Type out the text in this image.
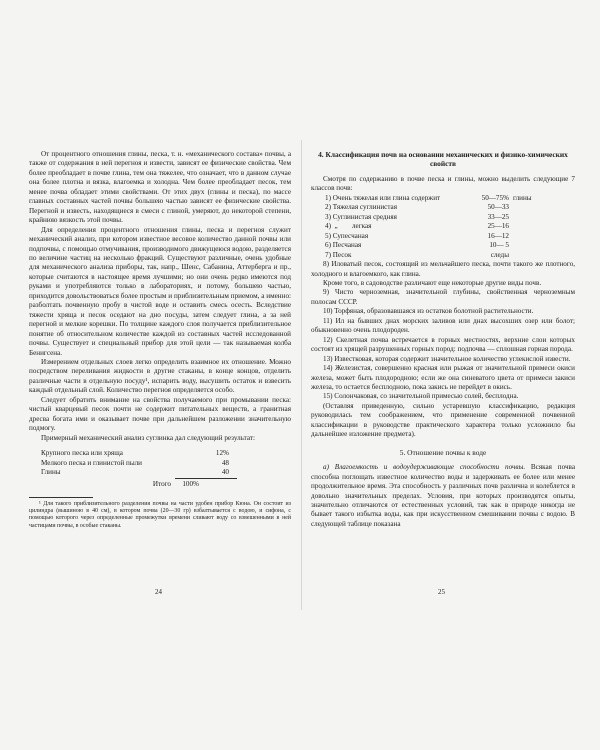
От процентного отношения глины, песка, т. н. «механического состава» почвы, а также от содержания в ней перегноя и извести, зависят ее физические свойства. Чем более преобладает в почве глина, тем она тяжелее, что означает, что в данном случае она более плотна и вязка, влагоемка и холодна. Чем более преобладает песок, тем менее почва обладает этими свойствами. От этих двух (глины и песка), по массе главных составных частей почвы большею частью зависят ее физические свойства. Перегной и известь, находящиеся в смеси с глиной, умеряют, до некоторой степени, крайнюю вязкость этой почвы.

Для определения процентного отношения глины, песка и перегноя служит механический анализ, при котором известное весовое количество данной почвы или подпочвы, с помощью отмучивания, производимого движущеюся водою, разделяется по величине частиц на несколько фракций. Существуют различные, очень удобные для механического анализа приборы, так, напр., Шенс, Сабанина, Аттерберга и пр., которые считаются в настоящее время лучшими; но они очень редко имеются под руками и употребляются только в лабораториях, и потому, большею частью, приходится довольствоваться более простым и приблизительным приемом, а именно: разболтать почвенную пробу в чистой воде и оставить смесь осесть. Вследствие тяжести хряща и песок оседают на дно посуды, затем следует глина, а за ней перегной и мелкие корешки. По толщине каждого слоя получается приблизительное понятие об относительном количестве каждой из составных частей исследованной почвы. Существует и специальный прибор для этой цели — так называемая колба Бенигсена.

Измерением отдельных слоев легко определить взаимное их отношение. Можно посредством переливания жидкости в другие стаканы, в конце концов, отделить различные части в отдельную посуду¹, испарить воду, высушить остаток и взвесить каждый отдельный слой. Количество перегноя определяется особо.

Следует обратить внимание на свойства получаемого при промывании песка: чистый кварцевый песок почти не содержит питательных веществ, а гранитная дресва богата ими и оказывает почве при дальнейшем разложении значительную подмогу.

Примерный механический анализ суглинка дал следующий результат:

Крупного песка или хряща	12%
Мелкого песка и глинистой пыли	48
Глины	40
Итого	100%

¹ Для такого приблизительного разделения почвы на части удобен прибор Кюна. Он состоит из цилиндра (вышиною в 40 см), в котором почва (20—30 гр) взбалтывается с водою, и сифона, с помощью которого через определенные промежутки времени сливают воду со взвешенными в ней частицами почвы, в особые стаканы.

24
4. Классификация почв на основании механических и физико-химических свойств

Смотря по содержанию в почве песка и глины, можно выделить следующие 7 классов почв:

1) Очень тяжелая или глина содержит	50—75% глины
2) Тяжелая суглинистая	50—33
3) Суглинистая средняя	33—25
4)  „        легкая	25—16
5) Супесчаная	16—12
6) Песчаная	10— 5
7) Песок	следы

8) Иловатый песок, состоящий из мельчайшего песка, почти такого же плотного, холодного и влагоемкого, как глина.

Кроме того, в садоводстве различают еще некоторые другие виды почв.

9) Чисто черноземная, значительной глубины, свойственная черноземным полосам СССР.

10) Торфяная, образовавшаяся из остатков болотной растительности.

11) Ил на бывших днах морских заливов или днах высохших озер или болот; обыкновенно очень плодороден.

12) Скелетная почва встречается в горных местностях, верхние слои которых состоят из хрящей разрушенных горных пород: подпочва — сплошная горная порода.

13) Известковая, которая содержит значительное количество углекислой извести.

14) Железистая, совершенно красная или рыжая от значительной примеси окиси железа, может быть плодородною; если же она синеватого цвета от примеси закиси железа, то остается бесплодною, пока закись не перейдет в окись.

15) Солончаковая, со значительной примесью солей, бесплодна.

(Оставляя приведенную, сильно устаревшую классификацию, редакция руководилась тем соображением, что применение современной почвенной классификации в руководстве практического характера только усложнило бы дальнейшее изложение предмета).

5. Отношение почвы к воде

а) Влагоемкость и водоудерживающие способности почвы. Всякая почва способна поглощать известное количество воды и задерживать ее более или менее продолжительное время. Эта способность у различных почв различна и колеблется в довольно значительных пределах. Условия, при которых производятся опыты, значительно отличаются от естественных условий, так как в природе никогда не бывает такого избытка воды, как при искусственном смешивании почвы с водою. В следующей таблице показана

25
